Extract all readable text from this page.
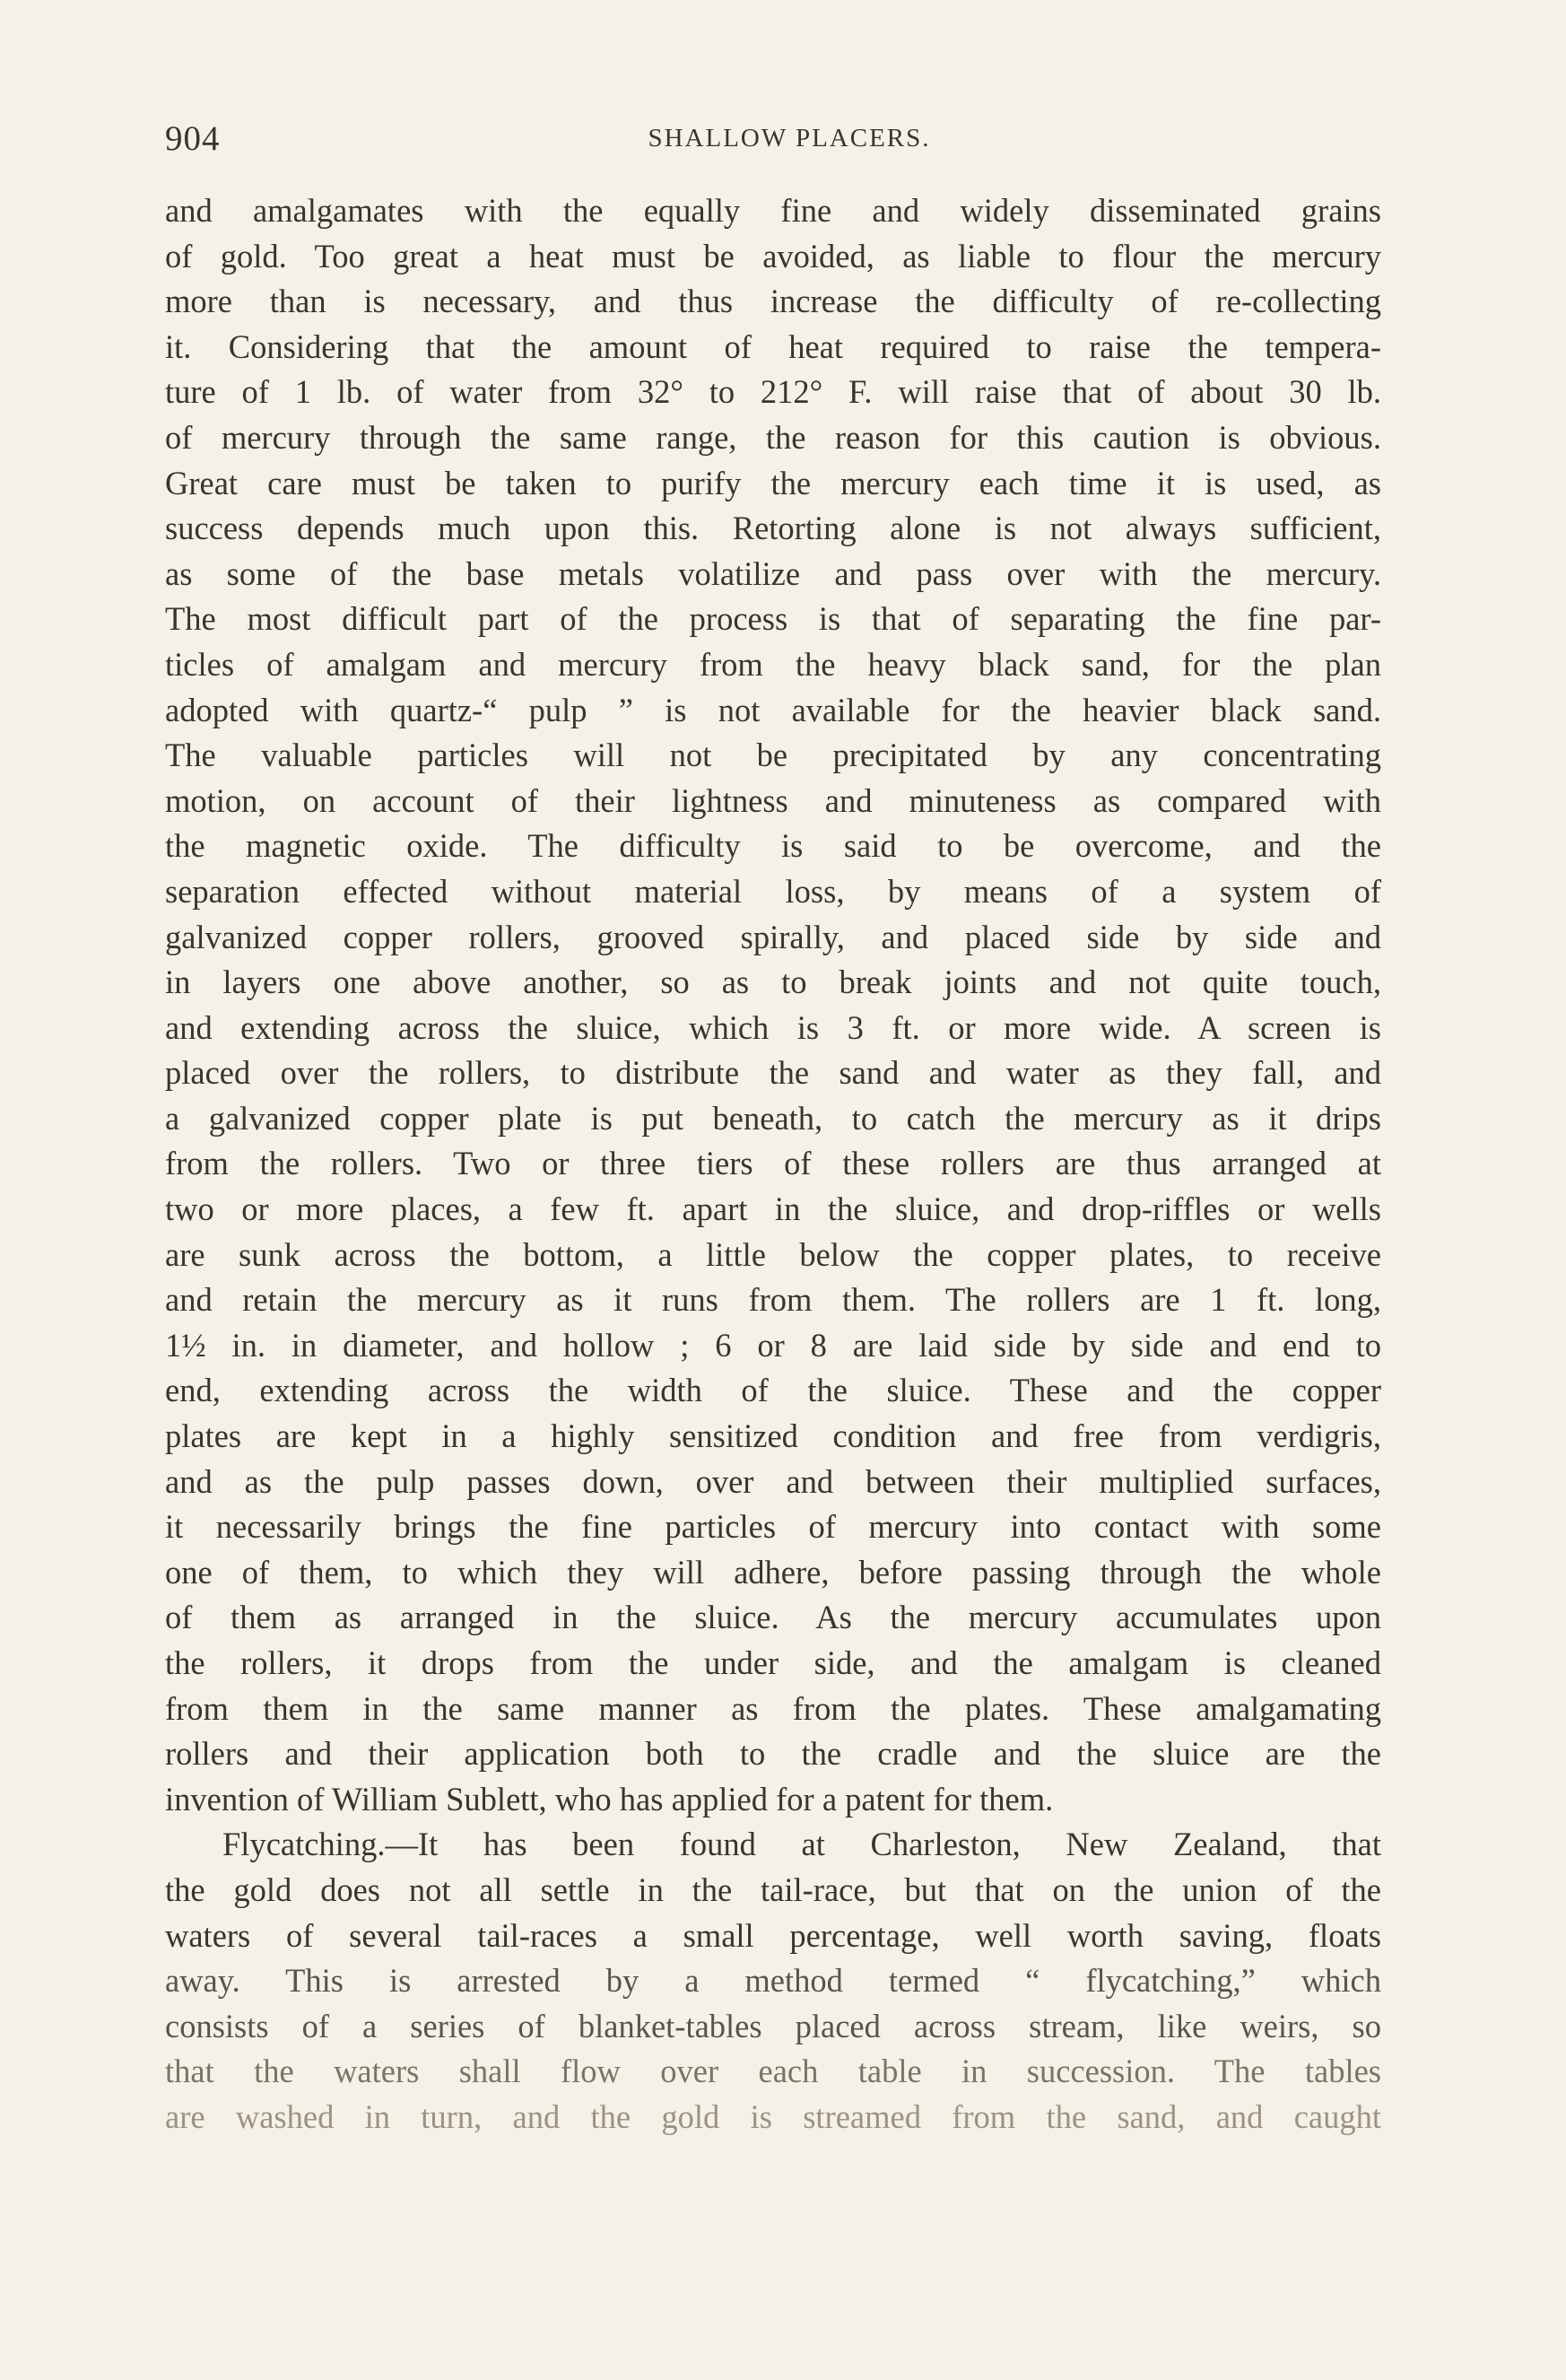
904	SHALLOW PLACERS.
and amalgamates with the equally fine and widely disseminated grains
of gold. Too great a heat must be avoided, as liable to flour the mercury
more than is necessary, and thus increase the difficulty of re-collecting
it. Considering that the amount of heat required to raise the tempera-
ture of 1 lb. of water from 32° to 212° F. will raise that of about 30 lb.
of mercury through the same range, the reason for this caution is obvious.
Great care must be taken to purify the mercury each time it is used, as
success depends much upon this. Retorting alone is not always sufficient,
as some of the base metals volatilize and pass over with the mercury.
The most difficult part of the process is that of separating the fine par-
ticles of amalgam and mercury from the heavy black sand, for the plan
adopted with quartz-“ pulp ” is not available for the heavier black sand.
The valuable particles will not be precipitated by any concentrating
motion, on account of their lightness and minuteness as compared with
the magnetic oxide. The difficulty is said to be overcome, and the
separation effected without material loss, by means of a system of
galvanized copper rollers, grooved spirally, and placed side by side and
in layers one above another, so as to break joints and not quite touch,
and extending across the sluice, which is 3 ft. or more wide. A screen is
placed over the rollers, to distribute the sand and water as they fall, and
a galvanized copper plate is put beneath, to catch the mercury as it drips
from the rollers. Two or three tiers of these rollers are thus arranged at
two or more places, a few ft. apart in the sluice, and drop-riffles or wells
are sunk across the bottom, a little below the copper plates, to receive
and retain the mercury as it runs from them. The rollers are 1 ft. long,
1½ in. in diameter, and hollow ; 6 or 8 are laid side by side and end to
end, extending across the width of the sluice. These and the copper
plates are kept in a highly sensitized condition and free from verdigris,
and as the pulp passes down, over and between their multiplied surfaces,
it necessarily brings the fine particles of mercury into contact with some
one of them, to which they will adhere, before passing through the whole
of them as arranged in the sluice. As the mercury accumulates upon
the rollers, it drops from the under side, and the amalgam is cleaned
from them in the same manner as from the plates. These amalgamating
rollers and their application both to the cradle and the sluice are the
invention of William Sublett, who has applied for a patent for them.
Flycatching.—It has been found at Charleston, New Zealand, that
the gold does not all settle in the tail-race, but that on the union of the
waters of several tail-races a small percentage, well worth saving, floats
away. This is arrested by a method termed “ flycatching,” which
consists of a series of blanket-tables placed across stream, like weirs, so
that the waters shall flow over each table in succession. The tables
are washed in turn, and the gold is streamed from the sand, and caught
